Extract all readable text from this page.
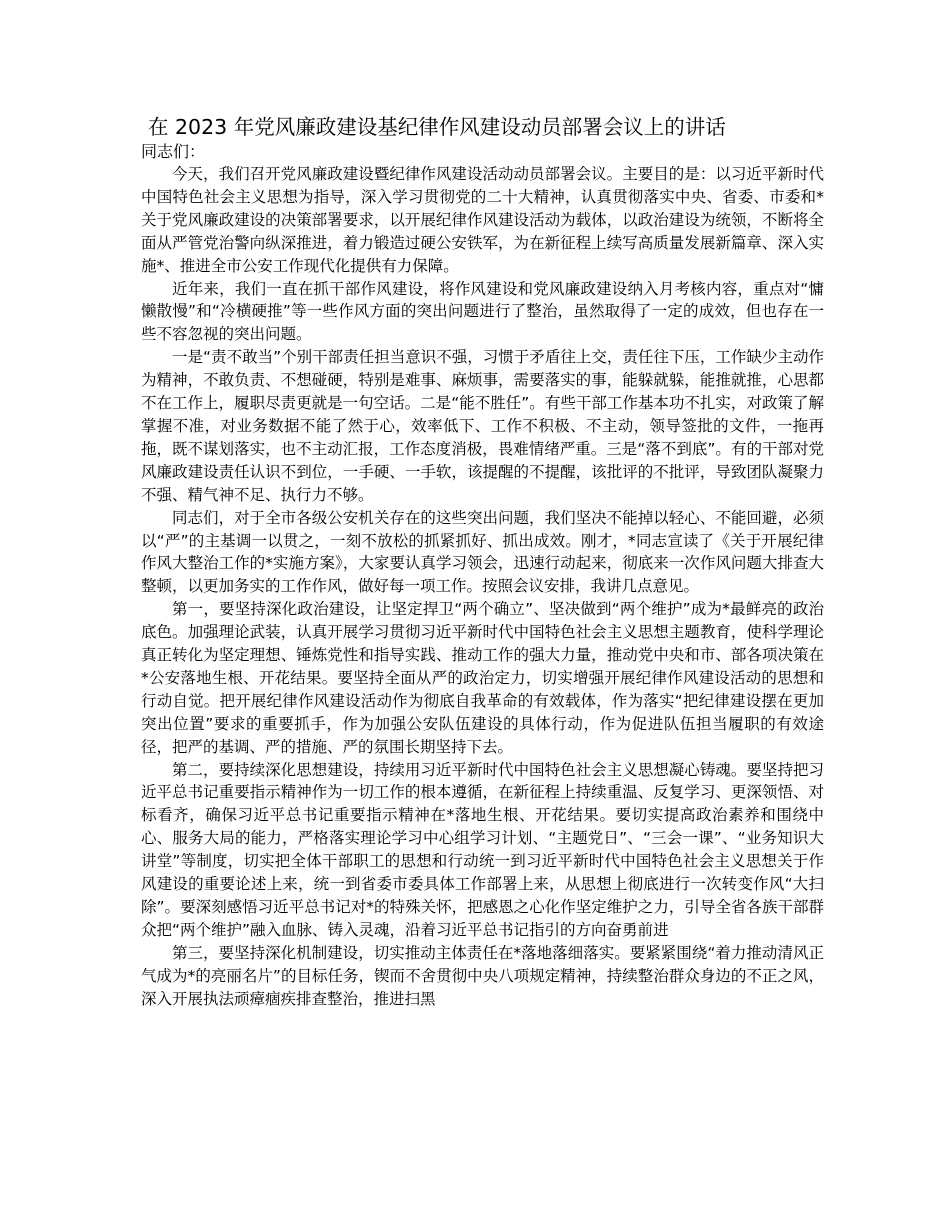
在 2023 年党风廉政建设基纪律作风建设动员部署会议上的讲话
同志们：

今天，我们召开党风廉政建设暨纪律作风建设活动动员部署会议。主要目的是：以习近平新时代中国特色社会主义思想为指导，深入学习贯彻党的二十大精神，认真贯彻落实中央、省委、市委和*关于党风廉政建设的决策部署要求，以开展纪律作风建设活动为载体，以政治建设为统领，不断将全面从严管党治警向纵深推进，着力锻造过硬公安铁军，为在新征程上续写高质量发展新篇章、深入实施*、推进全市公安工作现代化提供有力保障。

近年来，我们一直在抓干部作风建设，将作风建设和党风廉政建设纳入月考核内容，重点对“慵懒散慢”和“冷横硬推”等一些作风方面的突出问题进行了整治，虽然取得了一定的成效，但也存在一些不容忽视的突出问题。

一是“责不敢当”个别干部责任担当意识不强，习惯于矛盾往上交，责任往下压，工作缺少主动作为精神，不敢负责、不想碰硬，特别是难事、麻烦事，需要落实的事，能躲就躲，能推就推，心思都不在工作上，履职尽责更就是一句空话。二是“能不胜任”。有些干部工作基本功不扎实，对政策了解掌握不准，对业务数据不能了然于心，效率低下、工作不积极、不主动，领导签批的文件，一拖再拖，既不谋划落实，也不主动汇报，工作态度消极，畏难情绪严重。三是“落不到底”。有的干部对党风廉政建设责任认识不到位，一手硬、一手软，该提醒的不提醒，该批评的不批评，导致团队凝聚力不强、精气神不足、执行力不够。

同志们，对于全市各级公安机关存在的这些突出问题，我们坚决不能掉以轻心、不能回避，必须以“严”的主基调一以贯之，一刻不放松的抓紧抓好、抓出成效。刚才，*同志宣读了《关于开展纪律作风大整治工作的*实施方案》，大家要认真学习领会，迅速行动起来，彻底来一次作风问题大排查大整顿，以更加务实的工作作风，做好每一项工作。按照会议安排，我讲几点意见。

第一，要坚持深化政治建设，让坚定捍卫“两个确立”、坚决做到“两个维护”成为*最鲜亮的政治底色。加强理论武装，认真开展学习贯彻习近平新时代中国特色社会主义思想主题教育，使科学理论真正转化为坚定理想、锤炼党性和指导实践、推动工作的强大力量，推动党中央和市、部各项决策在*公安落地生根、开花结果。要坚持全面从严的政治定力，切实增强开展纪律作风建设活动的思想和行动自觉。把开展纪律作风建设活动作为彻底自我革命的有效载体，作为落实“把纪律建设摆在更加突出位置”要求的重要抓手，作为加强公安队伍建设的具体行动，作为促进队伍担当履职的有效途径，把严的基调、严的措施、严的氛围长期坚持下去。

第二，要持续深化思想建设，持续用习近平新时代中国特色社会主义思想凝心铸魂。要坚持把习近平总书记重要指示精神作为一切工作的根本遵循，在新征程上持续重温、反复学习、更深领悟、对标看齐，确保习近平总书记重要指示精神在*落地生根、开花结果。要切实提高政治素养和围绕中心、服务大局的能力，严格落实理论学习中心组学习计划、“主题党日”、“三会一课”、“业务知识大讲堂”等制度，切实把全体干部职工的思想和行动统一到习近平新时代中国特色社会主义思想关于作风建设的重要论述上来，统一到省委市委具体工作部署上来，从思想上彻底进行一次转变作风“大扫除”。要深刻感悟习近平总书记对*的特殊关怀，把感恩之心化作坚定维护之力，引导全省各族干部群众把“两个维护”融入血脉、铸入灵魂，沿着习近平总书记指引的方向奋勇前进

第三，要坚持深化机制建设，切实推动主体责任在*落地落细落实。要紧紧围绕“着力推动清风正气成为*的亮丽名片”的目标任务，锲而不舍贯彻中央八项规定精神，持续整治群众身边的不正之风，深入开展执法顽瘴痼疾排查整治，推进扫黑
